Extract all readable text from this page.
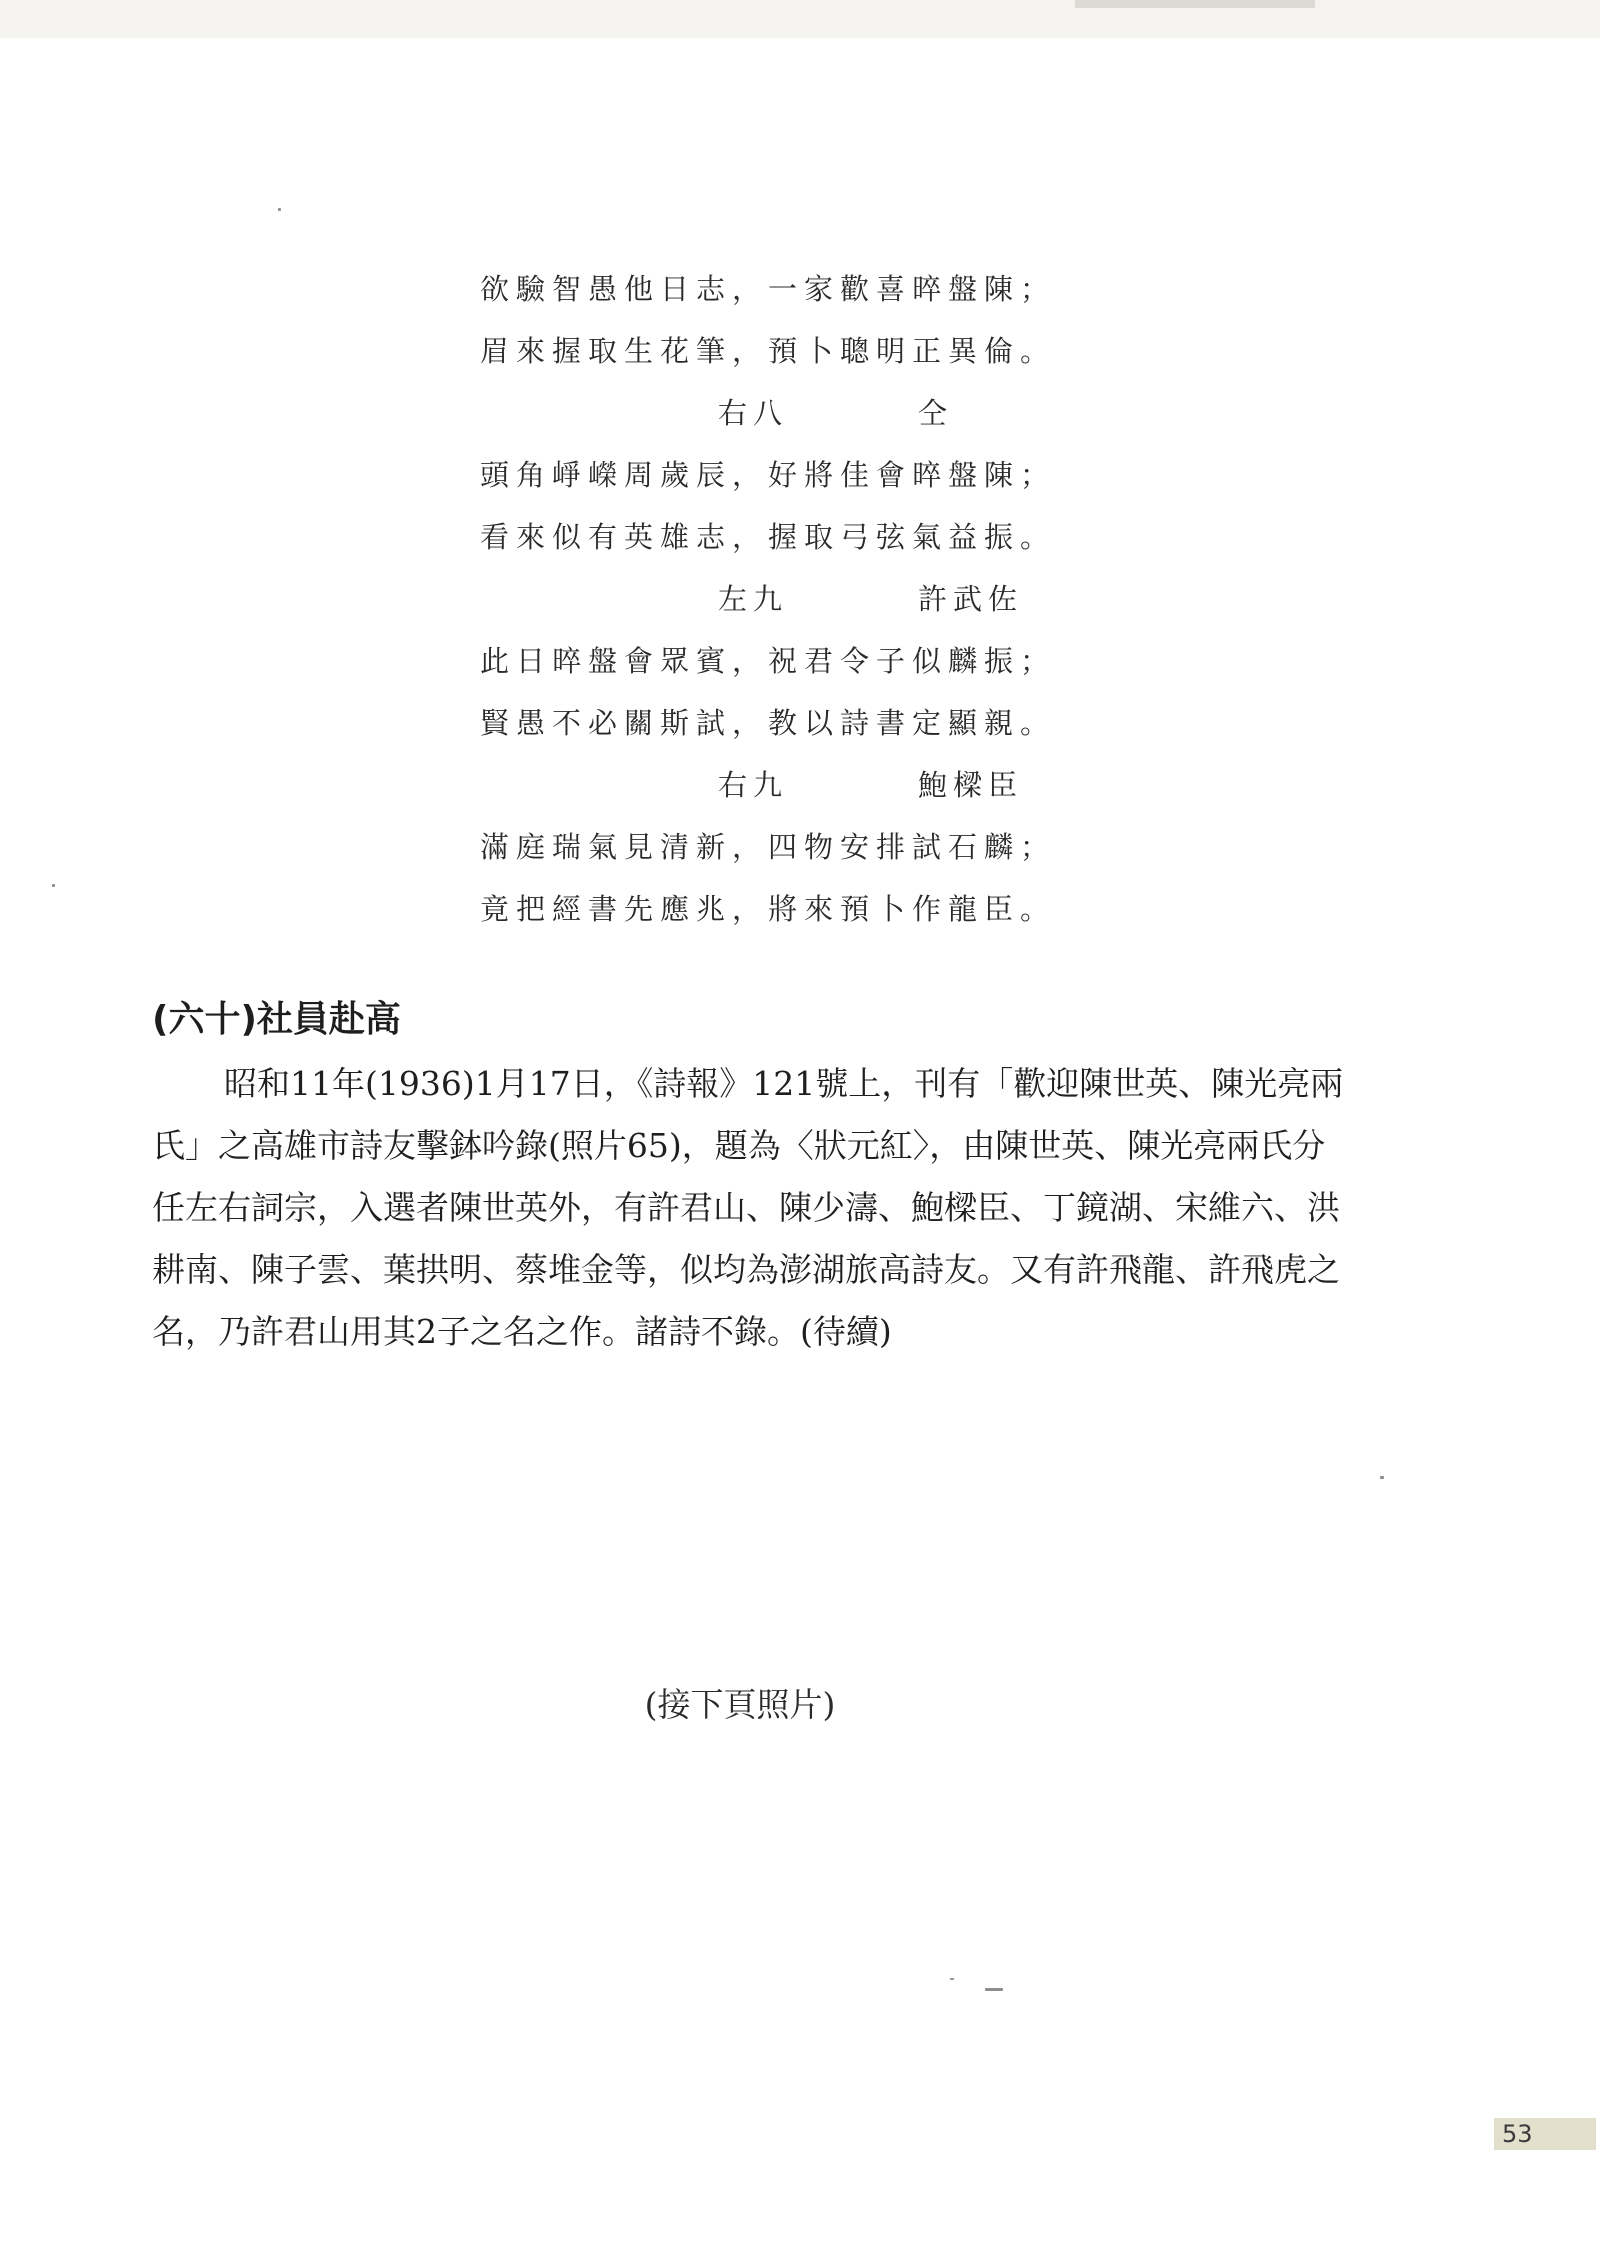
欲驗智愚他日志，一家歡喜晬盤陳；
眉來握取生花筆，預卜聰明正異倫。
右八	仝
頭角崢嶸周歲辰，好將佳會晬盤陳；
看來似有英雄志，握取弓弦氣益振。
左九	許武佐
此日晬盤會眾賓，祝君令子似麟振；
賢愚不必關斯試，教以詩書定顯親。
右九	鮑樑臣
滿庭瑞氣見清新，四物安排試石麟；
竟把經書先應兆，將來預卜作龍臣。
(六十)社員赴高

昭和11年(1936)1月17日，《詩報》121號上，刊有「歡迎陳世英、陳光亮兩氏」之高雄市詩友擊鉢吟錄(照片65)，題為〈狀元紅〉，由陳世英、陳光亮兩氏分任左右詞宗，入選者陳世英外，有許君山、陳少濤、鮑樑臣、丁鏡湖、宋維六、洪耕南、陳子雲、葉拱明、蔡堆金等，似均為澎湖旅高詩友。又有許飛龍、許飛虎之名，乃許君山用其2子之名之作。諸詩不錄。(待續)

(接下頁照片)
53
